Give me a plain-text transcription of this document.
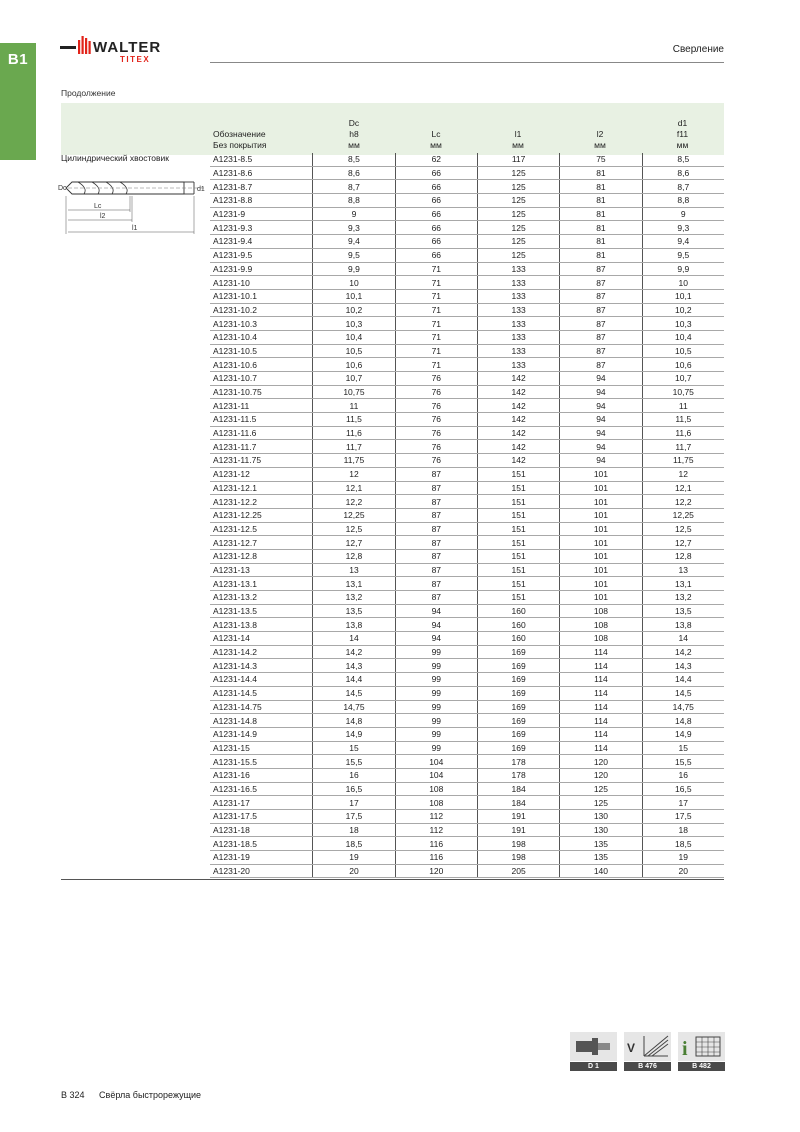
B1
WALTER
TITEX
Сверление
Продолжение
Обозначение
Без покрытия
Dc
h8
мм
Lc
мм
l1
мм
l2
мм
d1
f11
мм
Цилиндрический хвостовик
Dc	d1
Lc
l2
l1
A1231-8.5	8,5	62	117	75	8,5
A1231-8.6	8,6	66	125	81	8,6
A1231-8.7	8,7	66	125	81	8,7
A1231-8.8	8,8	66	125	81	8,8
A1231-9	9	66	125	81	9
A1231-9.3	9,3	66	125	81	9,3
A1231-9.4	9,4	66	125	81	9,4
A1231-9.5	9,5	66	125	81	9,5
A1231-9.9	9,9	71	133	87	9,9
A1231-10	10	71	133	87	10
A1231-10.1	10,1	71	133	87	10,1
A1231-10.2	10,2	71	133	87	10,2
A1231-10.3	10,3	71	133	87	10,3
A1231-10.4	10,4	71	133	87	10,4
A1231-10.5	10,5	71	133	87	10,5
A1231-10.6	10,6	71	133	87	10,6
A1231-10.7	10,7	76	142	94	10,7
A1231-10.75	10,75	76	142	94	10,75
A1231-11	11	76	142	94	11
A1231-11.5	11,5	76	142	94	11,5
A1231-11.6	11,6	76	142	94	11,6
A1231-11.7	11,7	76	142	94	11,7
A1231-11.75	11,75	76	142	94	11,75
A1231-12	12	87	151	101	12
A1231-12.1	12,1	87	151	101	12,1
A1231-12.2	12,2	87	151	101	12,2
A1231-12.25	12,25	87	151	101	12,25
A1231-12.5	12,5	87	151	101	12,5
A1231-12.7	12,7	87	151	101	12,7
A1231-12.8	12,8	87	151	101	12,8
A1231-13	13	87	151	101	13
A1231-13.1	13,1	87	151	101	13,1
A1231-13.2	13,2	87	151	101	13,2
A1231-13.5	13,5	94	160	108	13,5
A1231-13.8	13,8	94	160	108	13,8
A1231-14	14	94	160	108	14
A1231-14.2	14,2	99	169	114	14,2
A1231-14.3	14,3	99	169	114	14,3
A1231-14.4	14,4	99	169	114	14,4
A1231-14.5	14,5	99	169	114	14,5
A1231-14.75	14,75	99	169	114	14,75
A1231-14.8	14,8	99	169	114	14,8
A1231-14.9	14,9	99	169	114	14,9
A1231-15	15	99	169	114	15
A1231-15.5	15,5	104	178	120	15,5
A1231-16	16	104	178	120	16
A1231-16.5	16,5	108	184	125	16,5
A1231-17	17	108	184	125	17
A1231-17.5	17,5	112	191	130	17,5
A1231-18	18	112	191	130	18
A1231-18.5	18,5	116	198	135	18,5
A1231-19	19	116	198	135	19
A1231-20	20	120	205	140	20
D 1
V
B 476
i
B 482
B 324 Свёрла быстрорежущие
